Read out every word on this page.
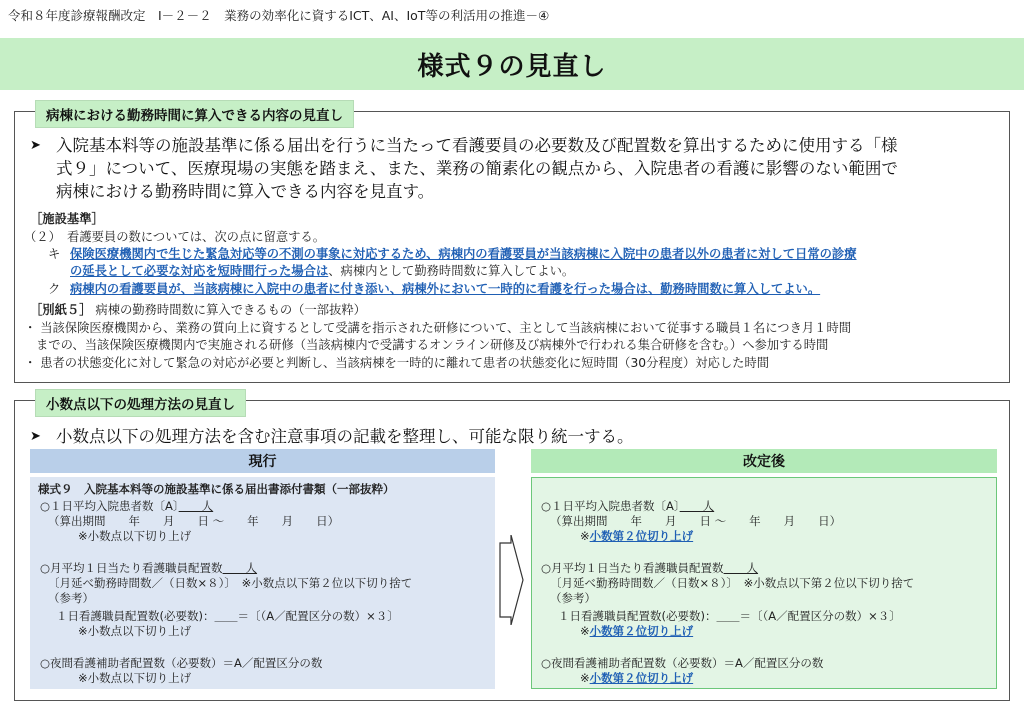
令和８年度診療報酬改定　Ⅰ－２－２　業務の効率化に資するICT、AI、IoT等の利活用の推進－④
様式９の見直し
病棟における勤務時間に算入できる内容の見直し
➤ 入院基本料等の施設基準に係る届出を行うに当たって看護要員の必要数及び配置数を算出するために使用する「様
式９」について、医療現場の実態を踏まえ、また、業務の簡素化の観点から、入院患者の看護に影響のない範囲で
病棟における勤務時間に算入できる内容を見直す。
［施設基準］
（２）　看護要員の数については、次の点に留意する。
キ 保険医療機関内で生じた緊急対応等の不測の事象に対応するため、病棟内の看護要員が当該病棟に入院中の患者以外の患者に対して日常の診療
の延長として必要な対応を短時間行った場合は、病棟内として勤務時間数に算入してよい。
ク 病棟内の看護要員が、当該病棟に入院中の患者に付き添い、病棟外において一時的に看護を行った場合は、勤務時間数に算入してよい。
［別紙５］ 病棟の勤務時間数に算入できるもの（一部抜粋）
・ 当該保険医療機関から、業務の質向上に資するとして受講を指示された研修について、主として当該病棟において従事する職員１名につき月１時間
までの、当該保険医療機関内で実施される研修（当該病棟内で受講するオンライン研修及び病棟外で行われる集合研修を含む。）へ参加する時間
・ 患者の状態変化に対して緊急の対応が必要と判断し、当該病棟を一時的に離れて患者の状態変化に短時間（30分程度）対応した時間
小数点以下の処理方法の見直し
➤ 小数点以下の処理方法を含む注意事項の記載を整理し、可能な限り統一する。
現行
様式９　入院基本料等の施設基準に係る届出書添付書類（一部抜粋）
○１日平均入院患者数〔A〕　　人
（算出期間　　年　　月　　日 ～　　年　　月　　日）
※小数点以下切り上げ
○月平均１日当たり看護職員配置数　　人
〔月延べ勤務時間数／（日数×８）〕　※小数点以下第２位以下切り捨て
（参考）
１日看護職員配置数(必要数)：＿＿＝〔（A／配置区分の数）×３〕
※小数点以下切り上げ
○夜間看護補助者配置数（必要数）＝A／配置区分の数
※小数点以下切り上げ
改定後
○１日平均入院患者数〔A〕　　人
（算出期間　　年　　月　　日 ～　　年　　月　　日）
※小数第２位切り上げ
○月平均１日当たり看護職員配置数　　人
〔月延べ勤務時間数／（日数×８）〕　※小数点以下第２位以下切り捨て
（参考）
１日看護職員配置数(必要数)：＿＿＝〔（A／配置区分の数）×３〕
※小数第２位切り上げ
○夜間看護補助者配置数（必要数）＝A／配置区分の数
※小数第２位切り上げ
